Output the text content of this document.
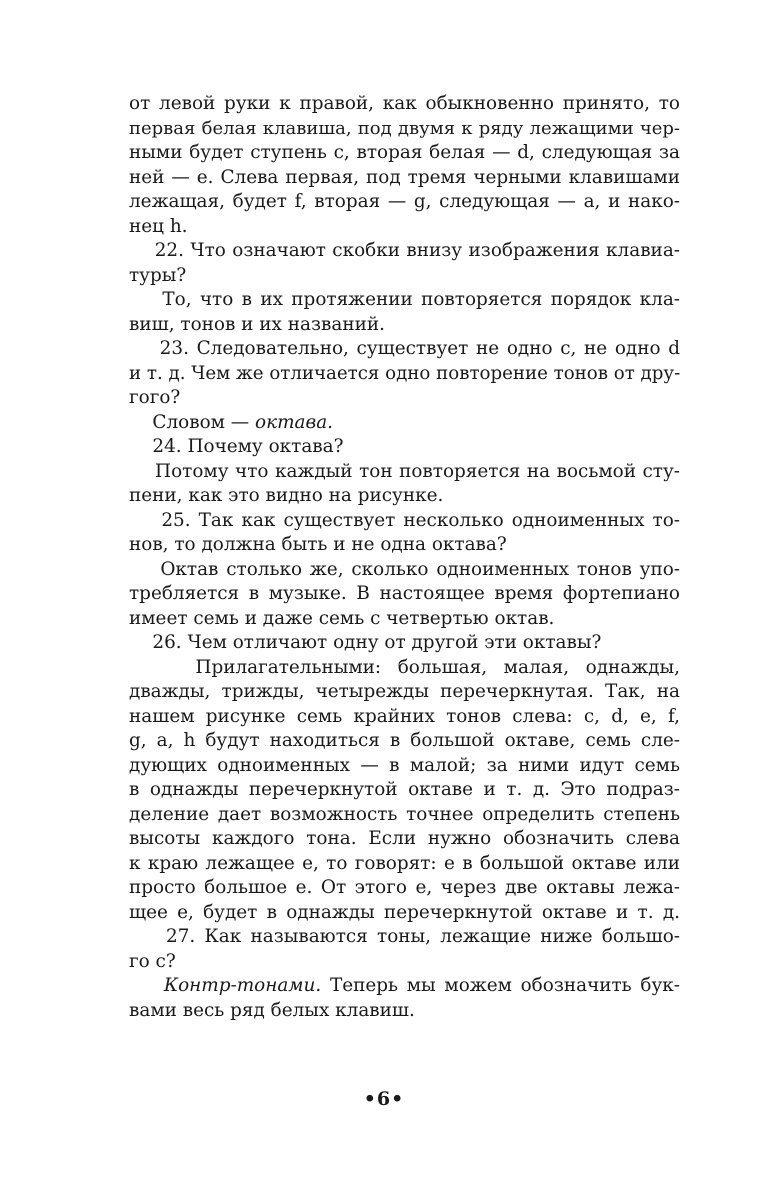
от левой руки к правой, как обыкновенно принято, то
первая белая клавиша, под двумя к ряду лежащими чер-
ными будет ступень c, вторая белая — d, следующая за
ней — e. Слева первая, под тремя черными клавишами
лежащая, будет f, вторая — g, следующая — a, и нако-
нец h.
22. Что означают скобки внизу изображения клавиа-
туры?
То, что в их протяжении повторяется порядок кла-
виш, тонов и их названий.
23. Следовательно, существует не одно c, не одно d
и т. д. Чем же отличается одно повторение тонов от дру-
гого?
Словом — октава.
24. Почему октава?
Потому что каждый тон повторяется на восьмой сту-
пени, как это видно на рисунке.
25. Так как существует несколько одноименных то-
нов, то должна быть и не одна октава?
Октав столько же, сколько одноименных тонов упо-
требляется в музыке. В настоящее время фортепиано
имеет семь и даже семь с четвертью октав.
26. Чем отличают одну от другой эти октавы?
Прилагательными: большая, малая, однажды,
дважды, трижды, четырежды перечеркнутая. Так, на
нашем рисунке семь крайних тонов слева: c, d, e, f,
g, a, h будут находиться в большой октаве, семь сле-
дующих одноименных — в малой; за ними идут семь
в однажды перечеркнутой октаве и т. д. Это подраз-
деление дает возможность точнее определить степень
высоты каждого тона. Если нужно обозначить слева
к краю лежащее e, то говорят: e в большой октаве или
просто большое e. От этого e, через две октавы лежа-
щее e, будет в однажды перечеркнутой октаве и т. д.
27. Как называются тоны, лежащие ниже большо-
го c?
Контр-тонами. Теперь мы можем обозначить бук-
вами весь ряд белых клавиш.
•6•
